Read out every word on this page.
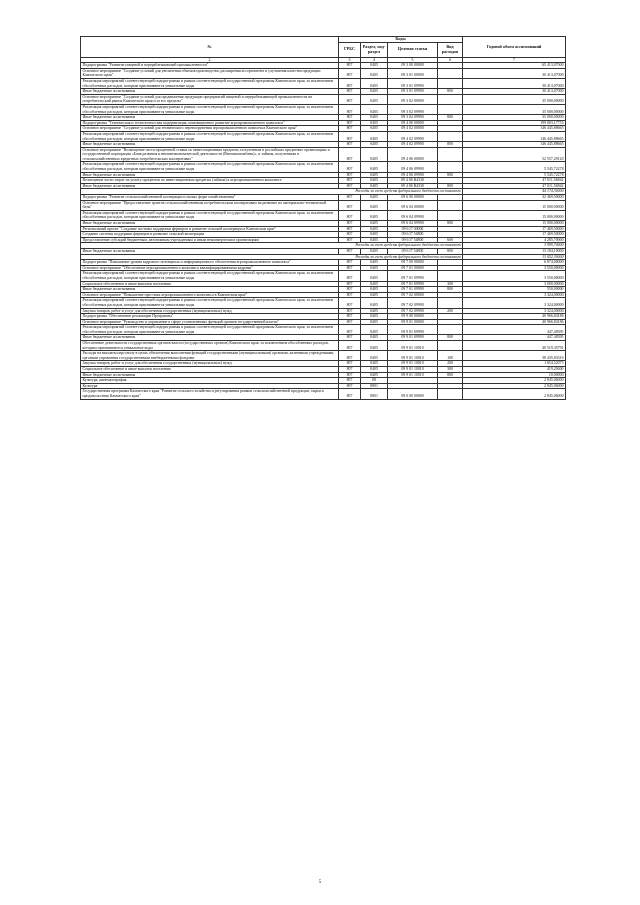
№	Коды				Годовой объем ассигнований
	ГРБС	Раздел, под-раздел	Целевая статья	Вид расходов	
2	3	4	5	6	7
Подпрограмма "Развитие пищевой и перерабатывающей промышленности"	807	0405	09 3 00 00000		65 413,07000
Основное мероприятие "Создание условий для увеличения объемов производства, расширения ассортимента и улучшения качества продукции Камчатского края"	807	0405	09 3 01 00000		30 413,07000
Реализация мероприятий соответствующей подпрограммы в рамках соответствующей государственной программы Камчатского края, за исключением обособленных расходов, которым присваиваются уникальные коды	807	0405	09 3 01 09990		30 413,07000
Иные бюджетные ассигнования	807	0405	09 3 01 09990	800	30 413,07000
Основное мероприятие "Создание условий для продвижения продукции предприятий пищевой и перерабатывающей промышленности на потребительский рынок Камчатского края и за его пределы"	807	0405	09 3 02 00000		35 000,00000
Реализация мероприятий соответствующей подпрограммы в рамках соответствующей государственной программы Камчатского края, за исключением обособленных расходов, которым присваиваются уникальные коды	807	0405	09 3 02 09990		35 000,00000
Иные бюджетные ассигнования	807	0405	09 3 02 09990	800	35 000,00000
Подпрограмма "Техническая и технологическая модернизация, инновационное развитие агропромышленного комплекса"	807	0405	09 4 00 00000		199 003,17753
Основное мероприятие "Создание условий для технического перевооружения агропромышленного комплекса Камчатского края"	807	0405	09 4 02 00000		146 445,88665
Реализация мероприятий соответствующей подпрограммы в рамках соответствующей государственной программы Камчатского края, за исключением обособленных расходов, которым присваиваются уникальные коды	807	0405	09 4 02 09990		146 445,88665
Иные бюджетные ассигнования	807	0405	09 4 02 09990	800	146 445,88665
Основное мероприятие "Возмещение части процентной ставки по инвестиционным кредитам, полученным в российских кредитных организациях и государственной корпорации «Банк развития и внешнеэкономической деятельности (Внешэкономбанк)», и займам, полученным в сельскохозяйственных кредитных потребительских кооперативах"	807	0405	09 4 06 00000		52 557,29120
Реализация мероприятий соответствующей подпрограммы в рамках соответствующей государственной программы Камчатского края, за исключением обособленных расходов, которым присваиваются уникальные коды	807	0405	09 4 06 09990		5 545,72278
Иные бюджетные ассигнования	807	0405	09 4 06 09990	800	5 545,72278
Возмещение части затрат на уплату процентов по инвестиционным кредитам (займам) в агропромышленном комплексе	807	0405	09 4 06 R4330		47 011,56842
Иные бюджетные ассигнования	807	0405	09 4 06 R4330	800	47 011,56842
Расходы за счет средств федерального бюджета составляют					44 174,30000
Подпрограмма "Развитие сельскохозяйственной кооперации и малых форм хозяйствования"	807	0405	09 6 00 00000		32 469,50000
Основное мероприятие "Предоставление грантов сельскохозяйственным потребительским кооперативам на развитие их материально-технической базы"	807	0405	09 6 04 00000		15 000,00000
Реализация мероприятий соответствующей подпрограммы в рамках соответствующей государственной программы Камчатского края, за исключением обособленных расходов, которым присваиваются уникальные коды	807	0405	09 6 04 09990		15 000,00000
Иные бюджетные ассигнования	807	0405	09 6 04 09990	800	15 000,00000
Региональный проект "Создание системы поддержки фермеров и развитие сельской кооперации в Камчатском крае"	807	0405	09 6 I7 00000		17 469,50000
Создание системы поддержки фермеров и развитие сельской кооперации	807	0405	09 6 I7 54800		17 469,50000
Предоставление субсидий бюджетным, автономным учреждениям и иным некоммерческим организациям	807	0405	09 6 I7 54800	600	4 285,70000
Расходы за счет средств федерального бюджета составляют					3 999,70000
Иные бюджетные ассигнования	807	0405	09 6 I7 54800	800	13 184,10000
Расходы за счет средств федерального бюджета составляют					13 052,30000
Подпрограмма "Повышение уровня кадрового потенциала и информационного обеспечения агропромышленного комплекса"	807	0405	09 7 00 00000		6 874,00000
Основное мероприятие "Обеспечение агропромышленного комплекса квалифицированными кадрами"	807	0405	09 7 01 00000		3 550,00000
Реализация мероприятий соответствующей подпрограммы в рамках соответствующей государственной программы Камчатского края, за исключением обособленных расходов, которым присваиваются уникальные коды	807	0405	09 7 01 09990		3 550,00000
Социальное обеспечение и иные выплаты населению	807	0405	09 7 01 09990	300	3 000,00000
Иные бюджетные ассигнования	807	0405	09 7 01 09990	800	550,00000
Основное мероприятие "Повышение престижа агропромышленного комплекса в Камчатском крае"	807	0405	09 7 02 00000		3 324,00000
Реализация мероприятий соответствующей подпрограммы в рамках соответствующей государственной программы Камчатского края, за исключением обособленных расходов, которым присваиваются уникальные коды	807	0405	09 7 02 09990		3 324,00000
Закупка товаров, работ и услуг для обеспечения государственных (муниципальных) нужд	807	0405	09 7 02 09990	200	3 324,00000
Подпрограмма "Обеспечение реализации Программы"	807	0405	09 9 00 00000		40 966,84186
Основное мероприятие "Руководство и управление в сфере установленных функций органов государственной власти"	807	0405	09 9 01 00000		40 966,84186
Реализация мероприятий соответствующей подпрограммы в рамках соответствующей государственной программы Камчатского края, за исключением обособленных расходов, которым присваиваются уникальные коды	807	0405	09 9 01 09990		447,48395
Иные бюджетные ассигнования	807	0405	09 9 01 09990	800	447,48395
Обеспечение деятельности государственных органов власти (государственных органов) Камчатского края, за исключением обособленных расходов, которым присваиваются уникальные коды	807	0405	09 9 01 10010		40 519,35791
Расходы на выплаты персоналу в целях обеспечения выполнения функций государственными (муниципальными) органами, казенными учреждениями, органами управления государственными внебюджетными фондами	807	0405	09 9 01 10010	100	38 435,83316
Закупка товаров, работ и услуг для обеспечения государственных (муниципальных) нужд	807	0405	09 9 01 10010	200	1 654,52075
Социальное обеспечение и иные выплаты населению	807	0405	09 9 01 10010	300	419,29400
Иные бюджетные ассигнования	807	0405	09 9 01 10010	800	10,00000
Культура, кинематография	807	08			2 845,06000
Культура	807	0801			2 845,06000
Государственная программа Камчатского края "Развитие сельского хозяйства и регулирования рынков сельскохозяйственной продукции, сырья и продовольствия Камчатского края"	807	0801	09 0 00 00000		2 845,06000
5
